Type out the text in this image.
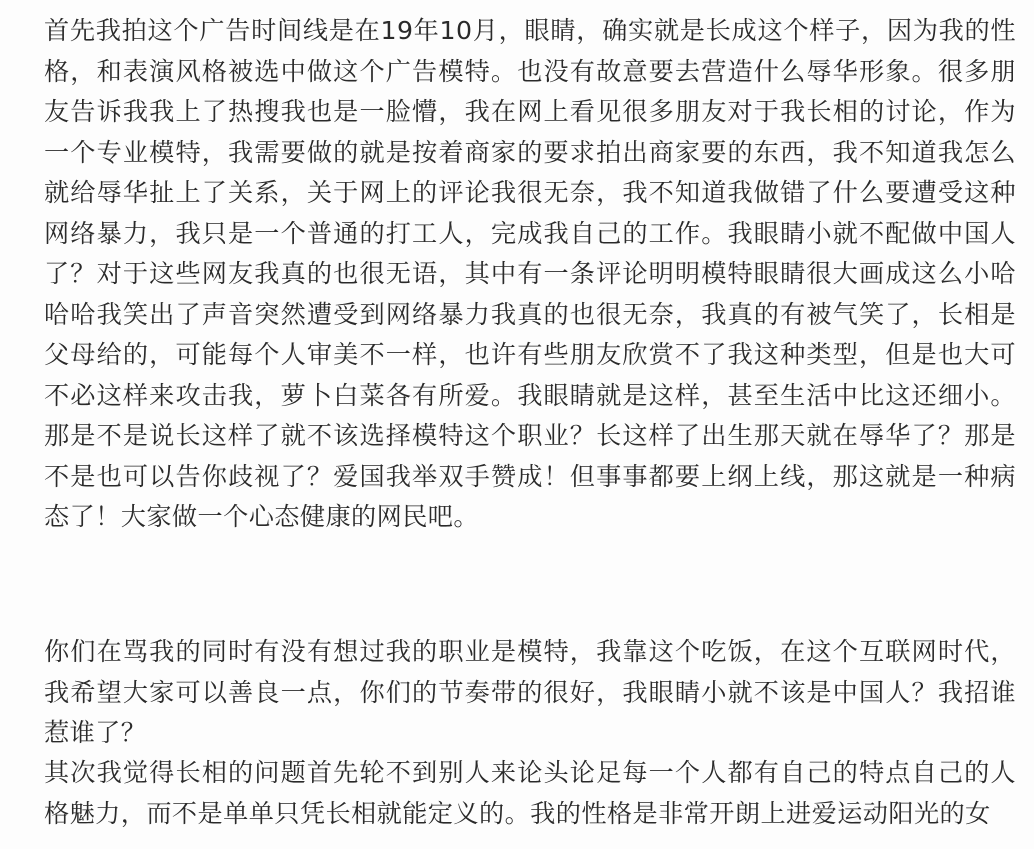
首先我拍这个广告时间线是在19年10月，眼睛，确实就是长成这个样子，因为我的性格，和表演风格被选中做这个广告模特。也没有故意要去营造什么辱华形象。很多朋友告诉我我上了热搜我也是一脸懵，我在网上看见很多朋友对于我长相的讨论，作为一个专业模特，我需要做的就是按着商家的要求拍出商家要的东西，我不知道我怎么就给辱华扯上了关系，关于网上的评论我很无奈，我不知道我做错了什么要遭受这种网络暴力，我只是一个普通的打工人，完成我自己的工作。我眼睛小就不配做中国人了？对于这些网友我真的也很无语，其中有一条评论明明模特眼睛很大画成这么小哈哈哈我笑出了声音突然遭受到网络暴力我真的也很无奈，我真的有被气笑了，长相是父母给的，可能每个人审美不一样，也许有些朋友欣赏不了我这种类型，但是也大可不必这样来攻击我，萝卜白菜各有所爱。我眼睛就是这样，甚至生活中比这还细小。那是不是说长这样了就不该选择模特这个职业？长这样了出生那天就在辱华了？那是不是也可以告你歧视了？爱国我举双手赞成！但事事都要上纲上线，那这就是一种病态了！大家做一个心态健康的网民吧。

你们在骂我的同时有没有想过我的职业是模特，我靠这个吃饭，在这个互联网时代，我希望大家可以善良一点，你们的节奏带的很好，我眼睛小就不该是中国人？我招谁惹谁了？

其次我觉得长相的问题首先轮不到别人来论头论足每一个人都有自己的特点自己的人格魅力，而不是单单只凭长相就能定义的。我的性格是非常开朗上进爱运动阳光的女
